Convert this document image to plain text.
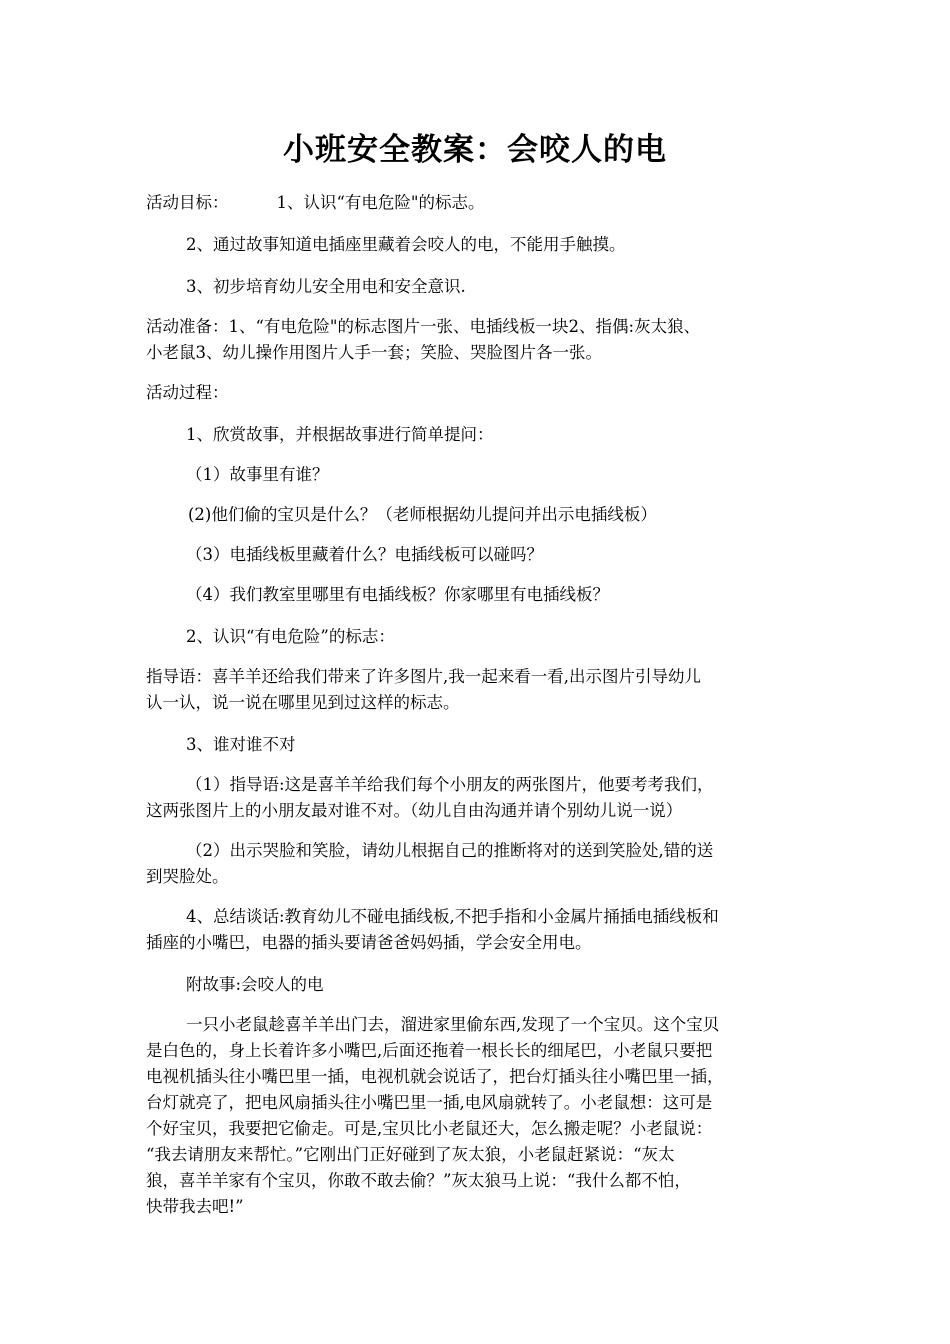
小班安全教案：会咬人的电
活动目标：	1、认识“有电危险"的标志。
2、通过故事知道电插座里藏着会咬人的电，不能用手触摸。
3、初步培育幼儿安全用电和安全意识.
活动准备：1、“有电危险"的标志图片一张、电插线板一块2、指偶:灰太狼、
小老鼠3、幼儿操作用图片人手一套；笑脸、哭脸图片各一张。
活动过程：
1、欣赏故事，并根据故事进行简单提问：
（1）故事里有谁？
(2)他们偷的宝贝是什么？（老师根据幼儿提问并出示电插线板）
（3）电插线板里藏着什么？电插线板可以碰吗？
（4）我们教室里哪里有电插线板？你家哪里有电插线板？
2、认识“有电危险”的标志：
指导语：喜羊羊还给我们带来了许多图片,我一起来看一看,出示图片引导幼儿
认一认，说一说在哪里见到过这样的标志。
3、谁对谁不对
（1）指导语:这是喜羊羊给我们每个小朋友的两张图片，他要考考我们，
这两张图片上的小朋友最对谁不对。（幼儿自由沟通并请个别幼儿说一说）
（2）出示哭脸和笑脸，请幼儿根据自己的推断将对的送到笑脸处,错的送
到哭脸处。
4、总结谈话:教育幼儿不碰电插线板,不把手指和小金属片捅插电插线板和
插座的小嘴巴，电器的插头要请爸爸妈妈插，学会安全用电。
附故事:会咬人的电
一只小老鼠趁喜羊羊出门去，溜进家里偷东西,发现了一个宝贝。这个宝贝
是白色的，身上长着许多小嘴巴,后面还拖着一根长长的细尾巴，小老鼠只要把
电视机插头往小嘴巴里一插，电视机就会说话了，把台灯插头往小嘴巴里一插，
台灯就亮了，把电风扇插头往小嘴巴里一插,电风扇就转了。小老鼠想：这可是
个好宝贝，我要把它偷走。可是,宝贝比小老鼠还大，怎么搬走呢？小老鼠说：
“我去请朋友来帮忙。”它刚出门正好碰到了灰太狼，小老鼠赶紧说：“灰太
狼，喜羊羊家有个宝贝，你敢不敢去偷？”灰太狼马上说：“我什么都不怕，
快带我去吧!”
